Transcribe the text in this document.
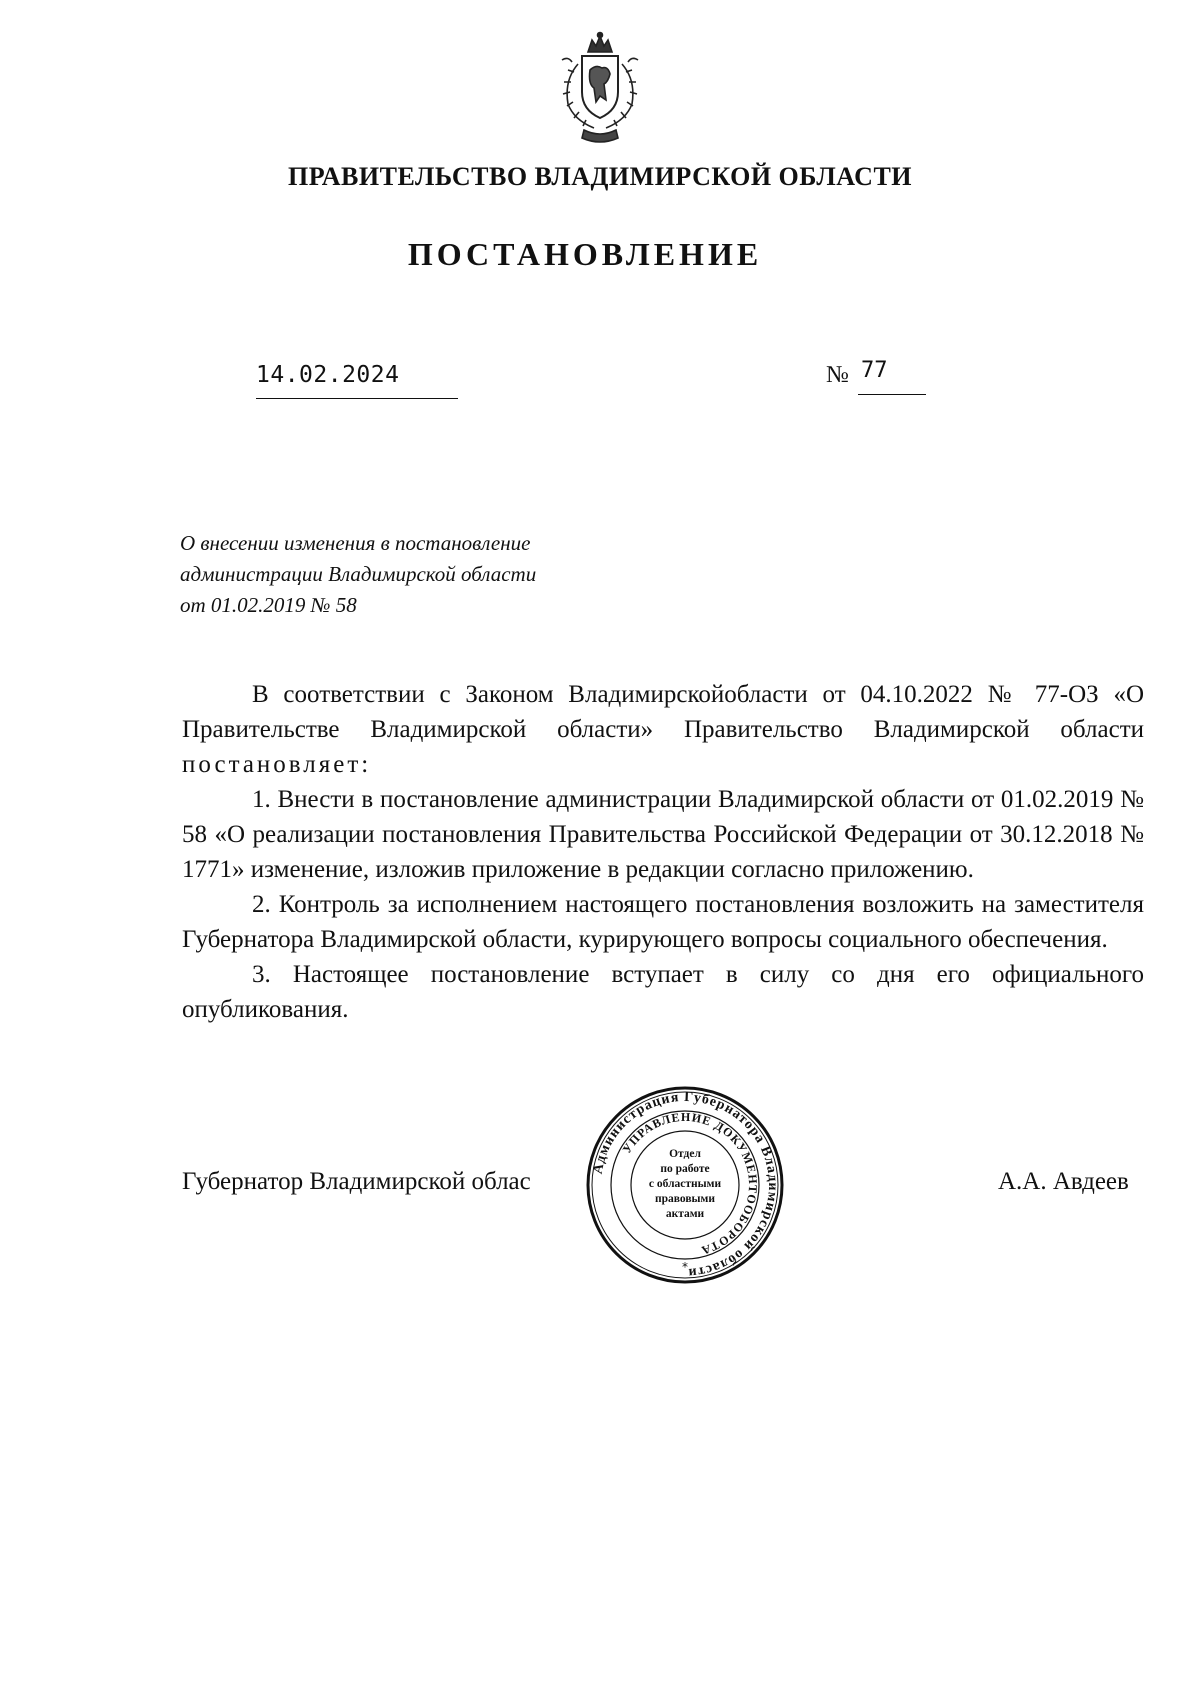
ПРАВИТЕЛЬСТВО ВЛАДИМИРСКОЙ ОБЛАСТИ
ПОСТАНОВЛЕНИЕ
14.02.2024	№ 77
О внесении изменения в постановление
администрации Владимирской области
от 01.02.2019 № 58

В соответствии с Законом Владимирскойобласти от 04.10.2022 № 77-ОЗ «О Правительстве Владимирской области» Правительство Владимирской области постановляет:

1. Внести в постановление администрации Владимирской области от 01.02.2019 № 58 «О реализации постановления Правительства Российской Федерации от 30.12.2018 № 1771» изменение, изложив приложение в редакции согласно приложению.

2. Контроль за исполнением настоящего постановления возложить на заместителя Губернатора Владимирской области, курирующего вопросы социального обеспечения.

3. Настоящее постановление вступает в силу со дня его официального опубликования.

Губернатор Владимирской облас	А.А. Авдеев
Администрация Губернатора Владимирской области
УПРАВЛЕНИЕ ДОКУМЕНТООБОРОТА
*
Отдел
по работе
с областными
правовыми
актами
